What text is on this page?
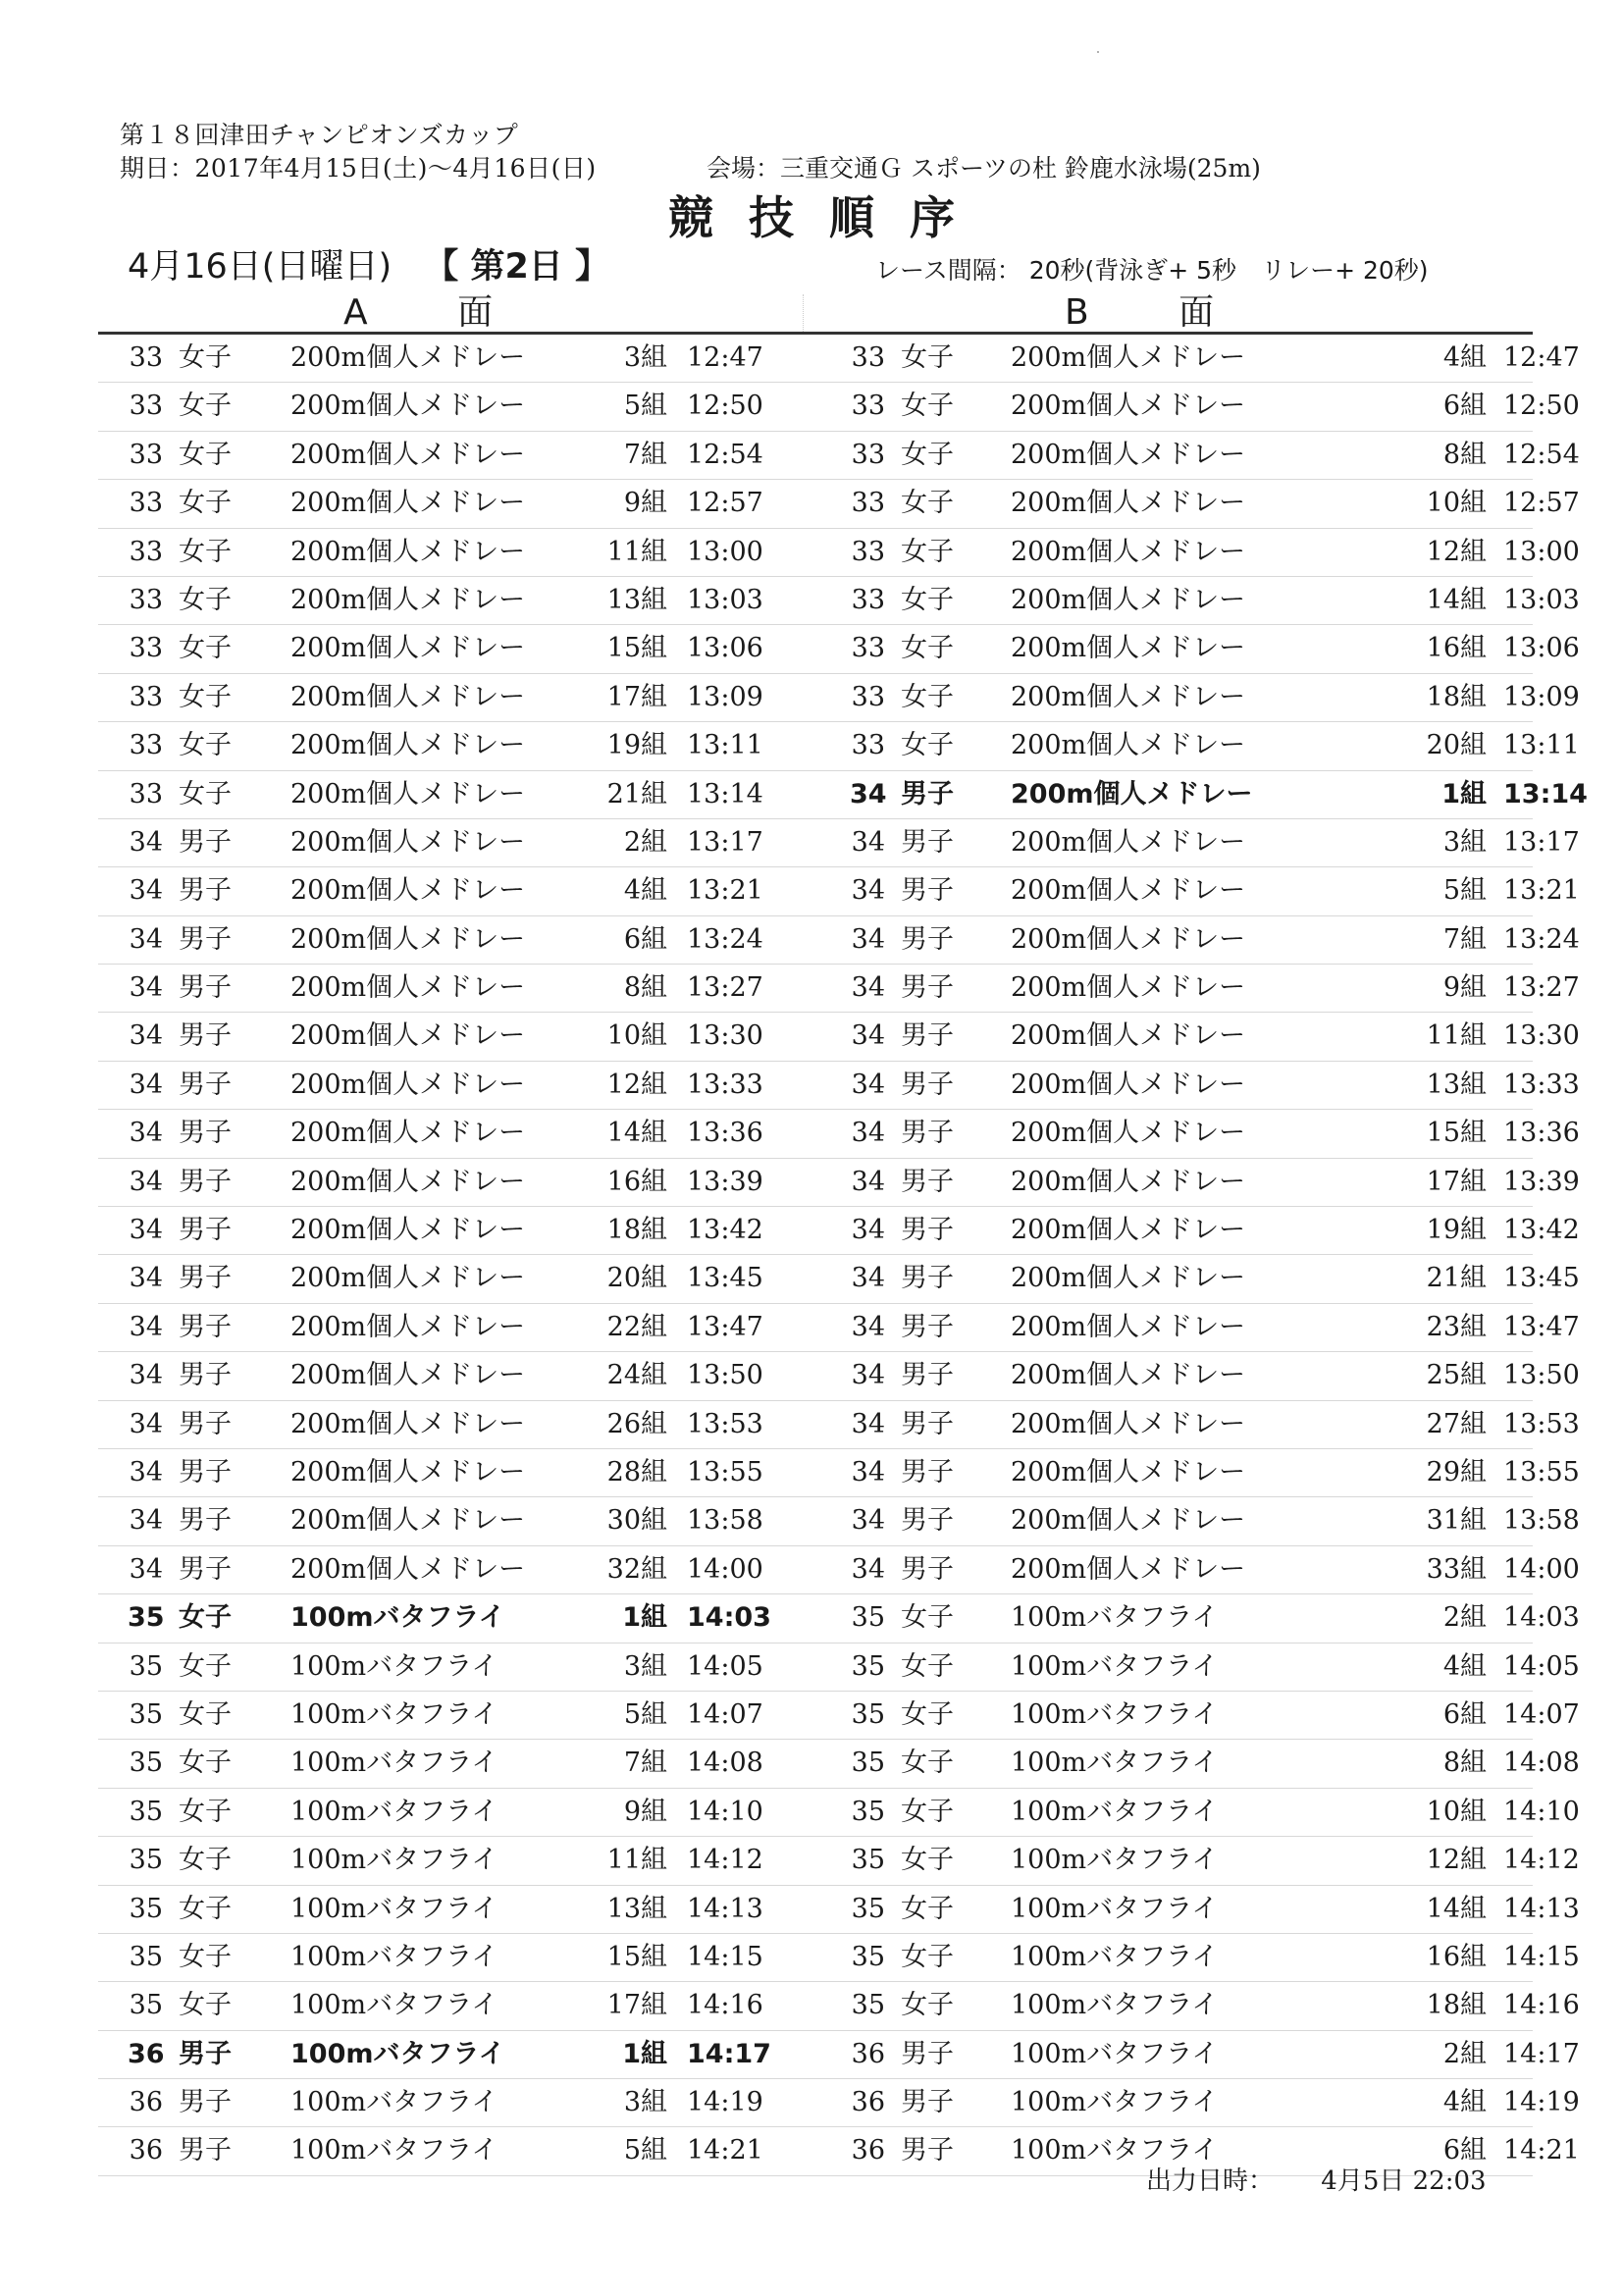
第１８回津田チャンピオンズカップ
期日：2017年4月15日(土)～4月16日(日)	会場：三重交通Ｇ スポーツの杜 鈴鹿水泳場(25m)
競技順序
4月16日(日曜日) 【 第2日 】	レース間隔： 20秒(背泳ぎ+ 5秒　リレー+ 20秒)
A 面	B 面
33 女子 200m個人メドレー	3組 12:47	33 女子 200m個人メドレー	4組 12:47
33 女子 200m個人メドレー	5組 12:50	33 女子 200m個人メドレー	6組 12:50
33 女子 200m個人メドレー	7組 12:54	33 女子 200m個人メドレー	8組 12:54
33 女子 200m個人メドレー	9組 12:57	33 女子 200m個人メドレー	10組 12:57
33 女子 200m個人メドレー	11組 13:00	33 女子 200m個人メドレー	12組 13:00
33 女子 200m個人メドレー	13組 13:03	33 女子 200m個人メドレー	14組 13:03
33 女子 200m個人メドレー	15組 13:06	33 女子 200m個人メドレー	16組 13:06
33 女子 200m個人メドレー	17組 13:09	33 女子 200m個人メドレー	18組 13:09
33 女子 200m個人メドレー	19組 13:11	33 女子 200m個人メドレー	20組 13:11
33 女子 200m個人メドレー	21組 13:14	34 男子 200m個人メドレー	1組 13:14
34 男子 200m個人メドレー	2組 13:17	34 男子 200m個人メドレー	3組 13:17
34 男子 200m個人メドレー	4組 13:21	34 男子 200m個人メドレー	5組 13:21
34 男子 200m個人メドレー	6組 13:24	34 男子 200m個人メドレー	7組 13:24
34 男子 200m個人メドレー	8組 13:27	34 男子 200m個人メドレー	9組 13:27
34 男子 200m個人メドレー	10組 13:30	34 男子 200m個人メドレー	11組 13:30
34 男子 200m個人メドレー	12組 13:33	34 男子 200m個人メドレー	13組 13:33
34 男子 200m個人メドレー	14組 13:36	34 男子 200m個人メドレー	15組 13:36
34 男子 200m個人メドレー	16組 13:39	34 男子 200m個人メドレー	17組 13:39
34 男子 200m個人メドレー	18組 13:42	34 男子 200m個人メドレー	19組 13:42
34 男子 200m個人メドレー	20組 13:45	34 男子 200m個人メドレー	21組 13:45
34 男子 200m個人メドレー	22組 13:47	34 男子 200m個人メドレー	23組 13:47
34 男子 200m個人メドレー	24組 13:50	34 男子 200m個人メドレー	25組 13:50
34 男子 200m個人メドレー	26組 13:53	34 男子 200m個人メドレー	27組 13:53
34 男子 200m個人メドレー	28組 13:55	34 男子 200m個人メドレー	29組 13:55
34 男子 200m個人メドレー	30組 13:58	34 男子 200m個人メドレー	31組 13:58
34 男子 200m個人メドレー	32組 14:00	34 男子 200m個人メドレー	33組 14:00
35 女子 100mバタフライ	1組 14:03	35 女子 100mバタフライ	2組 14:03
35 女子 100mバタフライ	3組 14:05	35 女子 100mバタフライ	4組 14:05
35 女子 100mバタフライ	5組 14:07	35 女子 100mバタフライ	6組 14:07
35 女子 100mバタフライ	7組 14:08	35 女子 100mバタフライ	8組 14:08
35 女子 100mバタフライ	9組 14:10	35 女子 100mバタフライ	10組 14:10
35 女子 100mバタフライ	11組 14:12	35 女子 100mバタフライ	12組 14:12
35 女子 100mバタフライ	13組 14:13	35 女子 100mバタフライ	14組 14:13
35 女子 100mバタフライ	15組 14:15	35 女子 100mバタフライ	16組 14:15
35 女子 100mバタフライ	17組 14:16	35 女子 100mバタフライ	18組 14:16
36 男子 100mバタフライ	1組 14:17	36 男子 100mバタフライ	2組 14:17
36 男子 100mバタフライ	3組 14:19	36 男子 100mバタフライ	4組 14:19
36 男子 100mバタフライ	5組 14:21	36 男子 100mバタフライ	6組 14:21
出力日時： 4月5日 22:03
